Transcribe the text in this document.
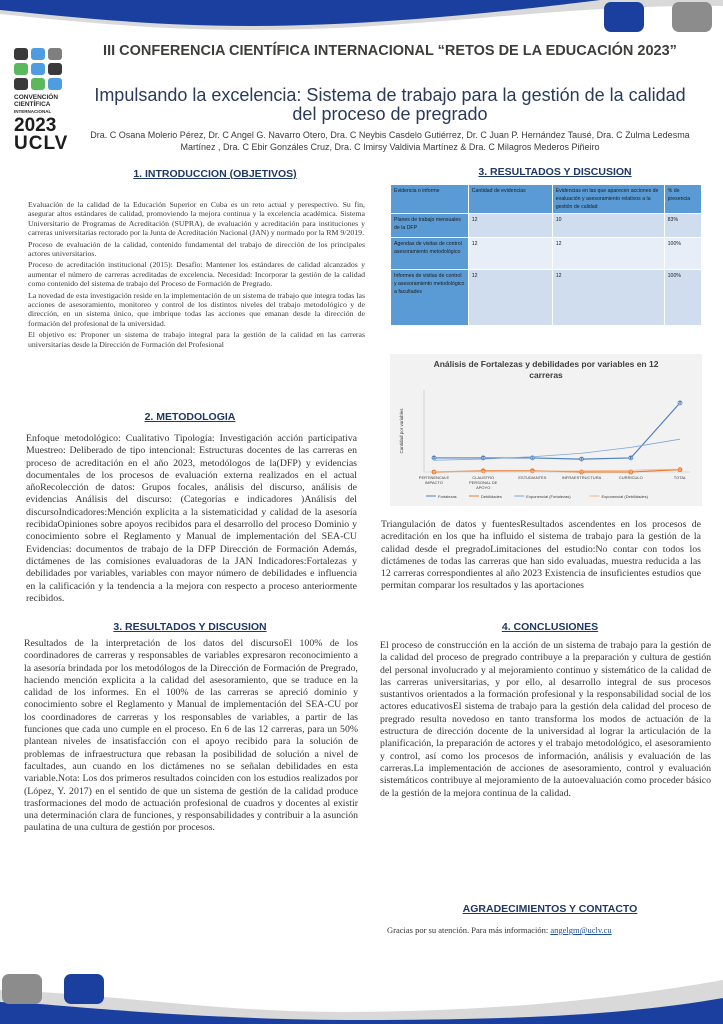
CONVENCIÓN
CIENTÍFICA
INTERNACIONAL
2023
UCLV
III CONFERENCIA CIENTÍFICA INTERNACIONAL “RETOS DE LA EDUCACIÓN 2023”
Impulsando la excelencia: Sistema de trabajo para la gestión de la calidad del proceso de pregrado
Dra. C Osana Molerio Pérez, Dr. C Angel G. Navarro Otero, Dra. C Neybis Casdelo Gutiérrez, Dr. C Juan P. Hernández Tausé, Dra. C Zulma Ledesma Martínez , Dra. C Ebir Gonzáles Cruz, Dra. C Imirsy Valdivia Martínez & Dra. C Milagros Mederos Piñeiro
1. INTRODUCCION (OBJETIVOS)

Evaluación de la calidad de la Educación Superior en Cuba es un reto actual y perespectivo. Su fin, asegurar altos estándares de calidad, promoviendo la mejora continua y la excelencia académica. Sistema Universitario de Programas de Acreditación (SUPRA), de evaluación y acreditación para instituciones y carreras universitarias rectorado por la Junta de Acreditación Nacional (JAN) y normado por la RM 9/2019.

Proceso de evaluación de la calidad, contenido fundamental del trabajo de dirección de los principales actores universitarios.

Proceso de acreditación institucional (2015): Desafío: Mantener los estándares de calidad alcanzados y aumentar el número de carreras acreditadas de excelencia. Necesidad: Incorporar la gestión de la calidad como contenido del sistema de trabajo del Proceso de Formación de Pregrado.

La novedad de esta investigación reside en la implementación de un sistema de trabajo que integra todas las acciones de asesoramiento, monitoreo y control de los distintos niveles del trabajo metodológico y de dirección, en un sistema único, que imbrique todas las acciones que emanan desde la dirección de formación del profesional de la universidad.

El objetivo es: Proponer un sistema de trabajo integral para la gestión de la calidad en las carreras universitarias desde la Dirección de Formación del Profesional

2. METODOLOGIA
Enfoque metodológico: Cualitativo Tipología: Investigación acción participativa Muestreo: Deliberado de tipo intencional: Estructuras docentes de las carreras en proceso de acreditación en el año 2023, metodólogos de la(DFP) y evidencias documentales de los procesos de evaluación externa realizados en el actual añoRecolección de datos: Grupos focales, análisis del discurso, análisis de evidencias Análisis del discurso: (Categorías e indicadores )Análisis del discursoIndicadores:Mención explicita a la sistematicidad y calidad de la asesoría recibidaOpiniones sobre apoyos recibidos para el desarrollo del proceso Dominio y conocimiento sobre el Reglamento y Manual de implementación del SEA-CU Evidencias: documentos de trabajo de la DFP Dirección de Formación Además, dictámenes de las comisiones evaluadoras de la JAN Indicadores:Fortalezas y debilidades por variables, variables con mayor número de debilidades e influencia en la calificación y la tendencia a la mejora con respecto a proceso anteriormente recibidos.
3. RESULTADOS Y DISCUSION
Resultados de la interpretación de los datos del discursoEl 100% de los coordinadores de carreras y responsables de variables expresaron reconocimiento a la asesoría brindada por los metodólogos de la Dirección de Formación de Pregrado, haciendo mención explicita a la calidad del asesoramiento, que se traduce en la calidad de los informes. En el 100% de las carreras se apreció dominio y conocimiento sobre el Reglamento y Manual de implementación del SEA-CU por los coordinadores de carreras y los responsables de variables, a partir de las funciones que cada uno cumple en el proceso. En 6 de las 12 carreras, para un 50% plantean niveles de insatisfacción con el apoyo recibido para la solución de problemas de infraestructura que rebasan la posibilidad de solución a nivel de facultades, aun cuando en los dictámenes no se señalan debilidades en esta variable.Nota: Los dos primeros resultados coinciden con los estudios realizados por (López, Y. 2017) en el sentido de que un sistema de gestión de la calidad produce trasformaciones del modo de actuación profesional de cuadros y docentes al existir una determinación clara de funciones, y responsabilidades y contribuir a la asunción paulatina de una cultura de gestión por procesos.
3. RESULTADOS Y DISCUSION
Evidencia o informe	Cantidad de evidencias	Evidencias en las que aparecen acciones de evaluación y asesoramiento relativos a la gestión de calidad	% de presencia
Planes de trabajo mensuales de la DFP	12	10	83%
Agendas de visitas de control asesoramiento metodológico	12	12	100%
Informes de visitas de control y asesoramiento metodológico a facultades	12	12	100%
Análisis de Fortalezas y debilidades por variables en 12
carreras
Cantidad por variables
PERTINENCIA E
IMPACTO
CLAUSTRO
PERSONAL DE
APOYO
ESTUDIANTES	INFRAESTRUCTURA	CURRICULO	TOTAL
12	12	12	11	12
59
0	1	1	0	0
2
Fortalezas	Debilidades	Exponencial (Fortalezas)	Exponencial (Debilidades)
Triangulación de datos y fuentesResultados ascendentes en los procesos de acreditación en los que ha influido el sistema de trabajo para la gestión de la calidad desde el pregradoLimitaciones del estudio:No contar con todos los dictámenes de todas las carreras que han sido evaluadas, muestra reducida a las 12 carreras correspondientes al año 2023 Existencia de insuficientes estudios que permitan comparar los resultados y las aportaciones
4. CONCLUSIONES
El proceso de construcción en la acción de un sistema de trabajo para la gestión de la calidad del proceso de pregrado contribuye a la preparación y cultura de gestión del personal involucrado y al mejoramiento continuo y sistemático de la calidad de las carreras universitarias, y por ello, al desarrollo integral de sus procesos sustantivos orientados a la formación profesional y la responsabilidad social de los actores educativosEl sistema de trabajo para la gestión dela calidad del proceso de pregrado resulta novedoso en tanto transforma los modos de actuación de la estructura de dirección docente de la universidad al lograr la articulación de la planificación, la preparación de actores y el trabajo metodológico, el asesoramiento y control, así como los procesos de información, análisis y evaluación de las carreras.La implementación de acciones de asesoramiento, control y evaluación sistemáticos contribuye al mejoramiento de la autoevaluación como proceder básico de la gestión de la mejora continua de la calidad.
AGRADECIMIENTOS Y CONTACTO
Gracias por su atención. Para más información: angelgm@uclv.cu
